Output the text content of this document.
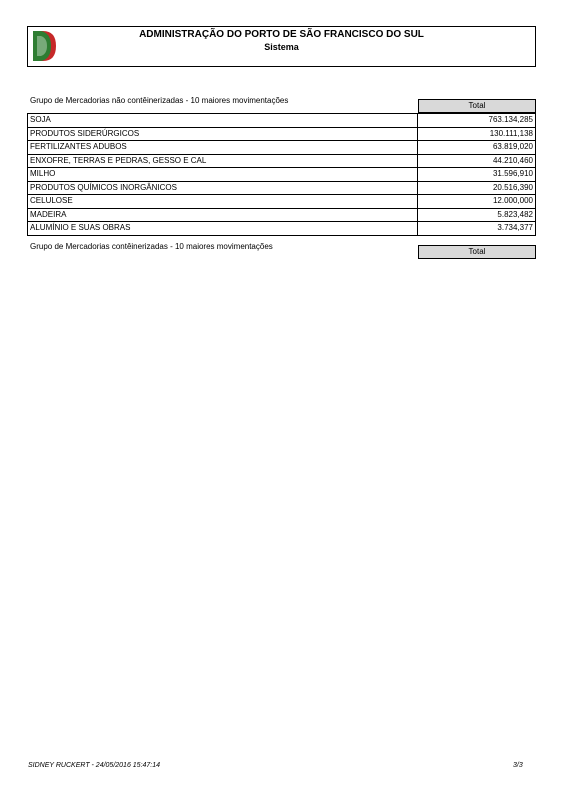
ADMINISTRAÇÃO DO PORTO DE SÃO FRANCISCO DO SUL
Sistema
Grupo de Mercadorias não contêinerizadas - 10 maiores movimentações
Total
SOJA	763.134,285
PRODUTOS SIDERÚRGICOS	130.111,138
FERTILIZANTES ADUBOS	63.819,020
ENXOFRE, TERRAS E PEDRAS, GESSO E CAL	44.210,460
MILHO	31.596,910
PRODUTOS QUÍMICOS INORGÂNICOS	20.516,390
CELULOSE	12.000,000
MADEIRA	5.823,482
ALUMÍNIO E SUAS OBRAS	3.734,377
Grupo de Mercadorias contêinerizadas - 10 maiores movimentações
Total
SIDNEY RUCKERT - 24/05/2016 15:47:14	3/3
